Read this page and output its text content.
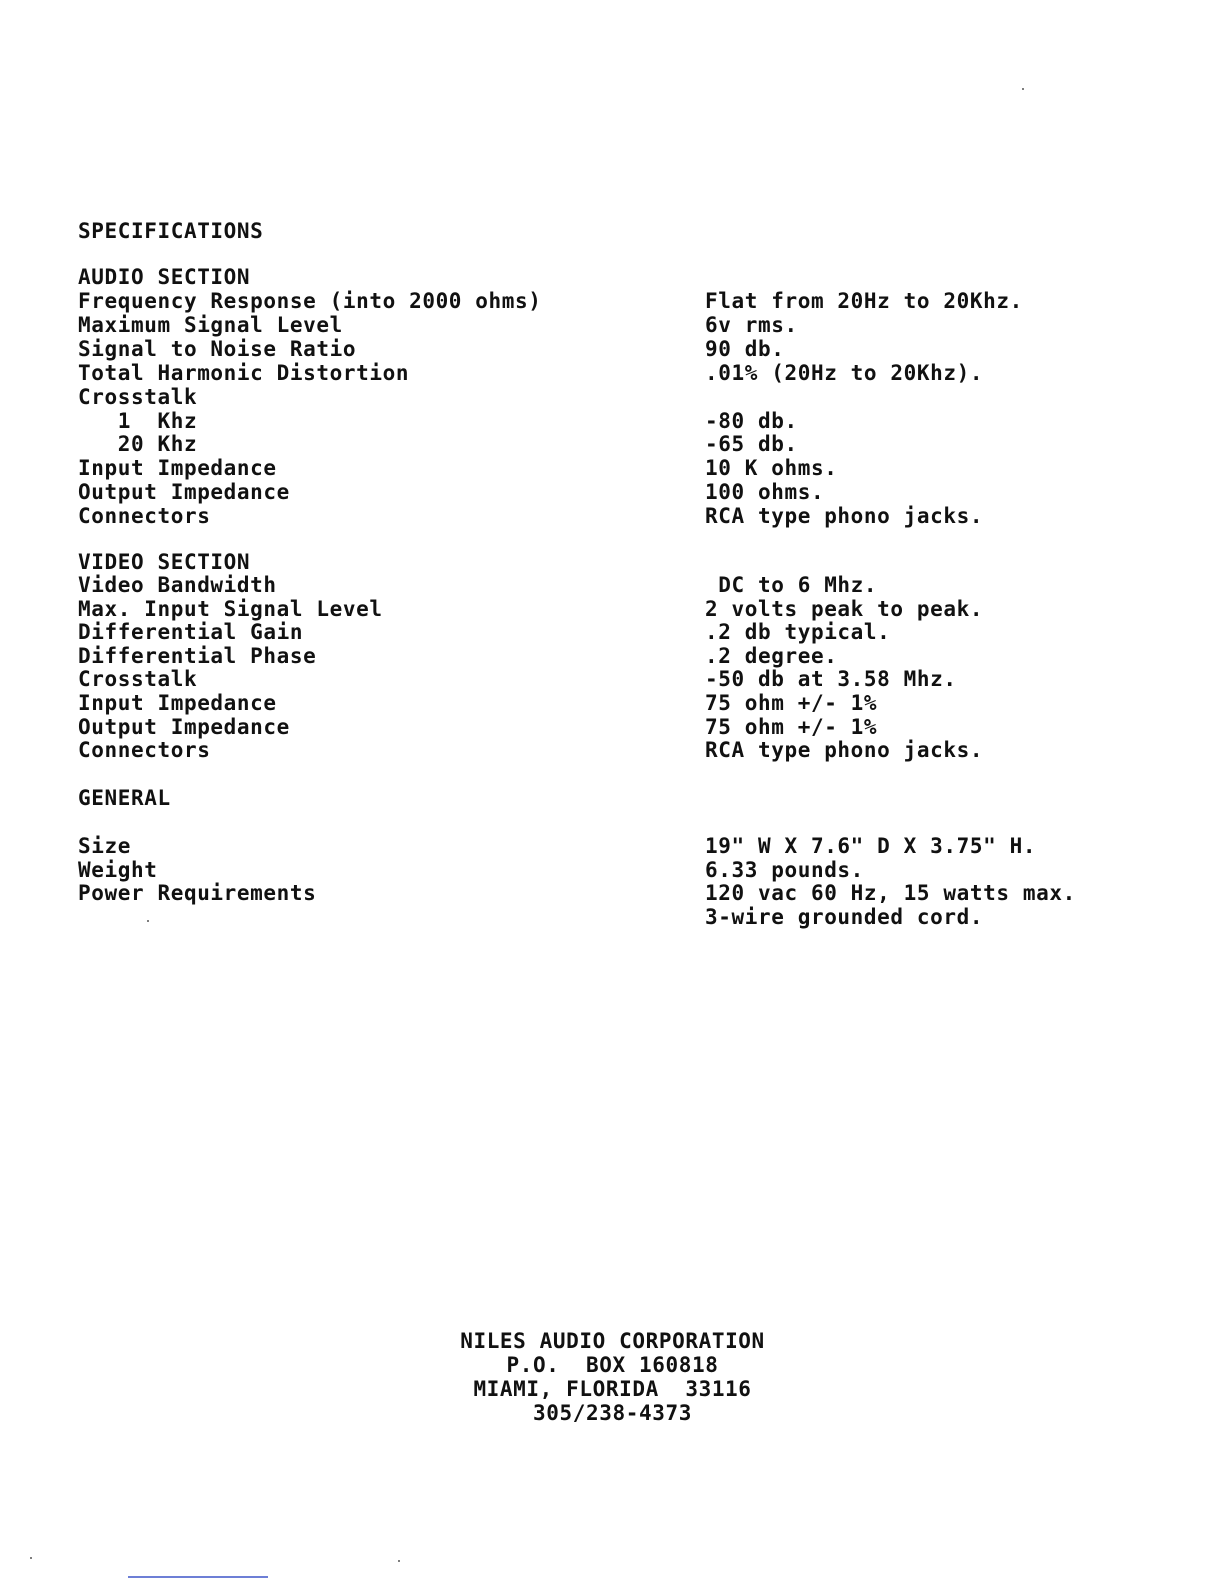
SPECIFICATIONS
AUDIO SECTION
Frequency Response (into 2000 ohms)	Flat from 20Hz to 20Khz.
Maximum Signal Level	6v rms.
Signal to Noise Ratio	90 db.
Total Harmonic Distortion	.01% (20Hz to 20Khz).
Crosstalk
1  Khz	-80 db.
20 Khz	-65 db.
Input Impedance	10 K ohms.
Output Impedance	100 ohms.
Connectors	RCA type phono jacks.
VIDEO SECTION
Video Bandwidth	DC to 6 Mhz.
Max. Input Signal Level	2 volts peak to peak.
Differential Gain	.2 db typical.
Differential Phase	.2 degree.
Crosstalk	-50 db at 3.58 Mhz.
Input Impedance	75 ohm +/- 1%
Output Impedance	75 ohm +/- 1%
Connectors	RCA type phono jacks.
GENERAL
Size	19" W X 7.6" D X 3.75" H.
Weight	6.33 pounds.
Power Requirements	120 vac 60 Hz, 15 watts max.
3-wire grounded cord.
NILES AUDIO CORPORATION
P.O.  BOX 160818
MIAMI, FLORIDA  33116
305/238-4373
